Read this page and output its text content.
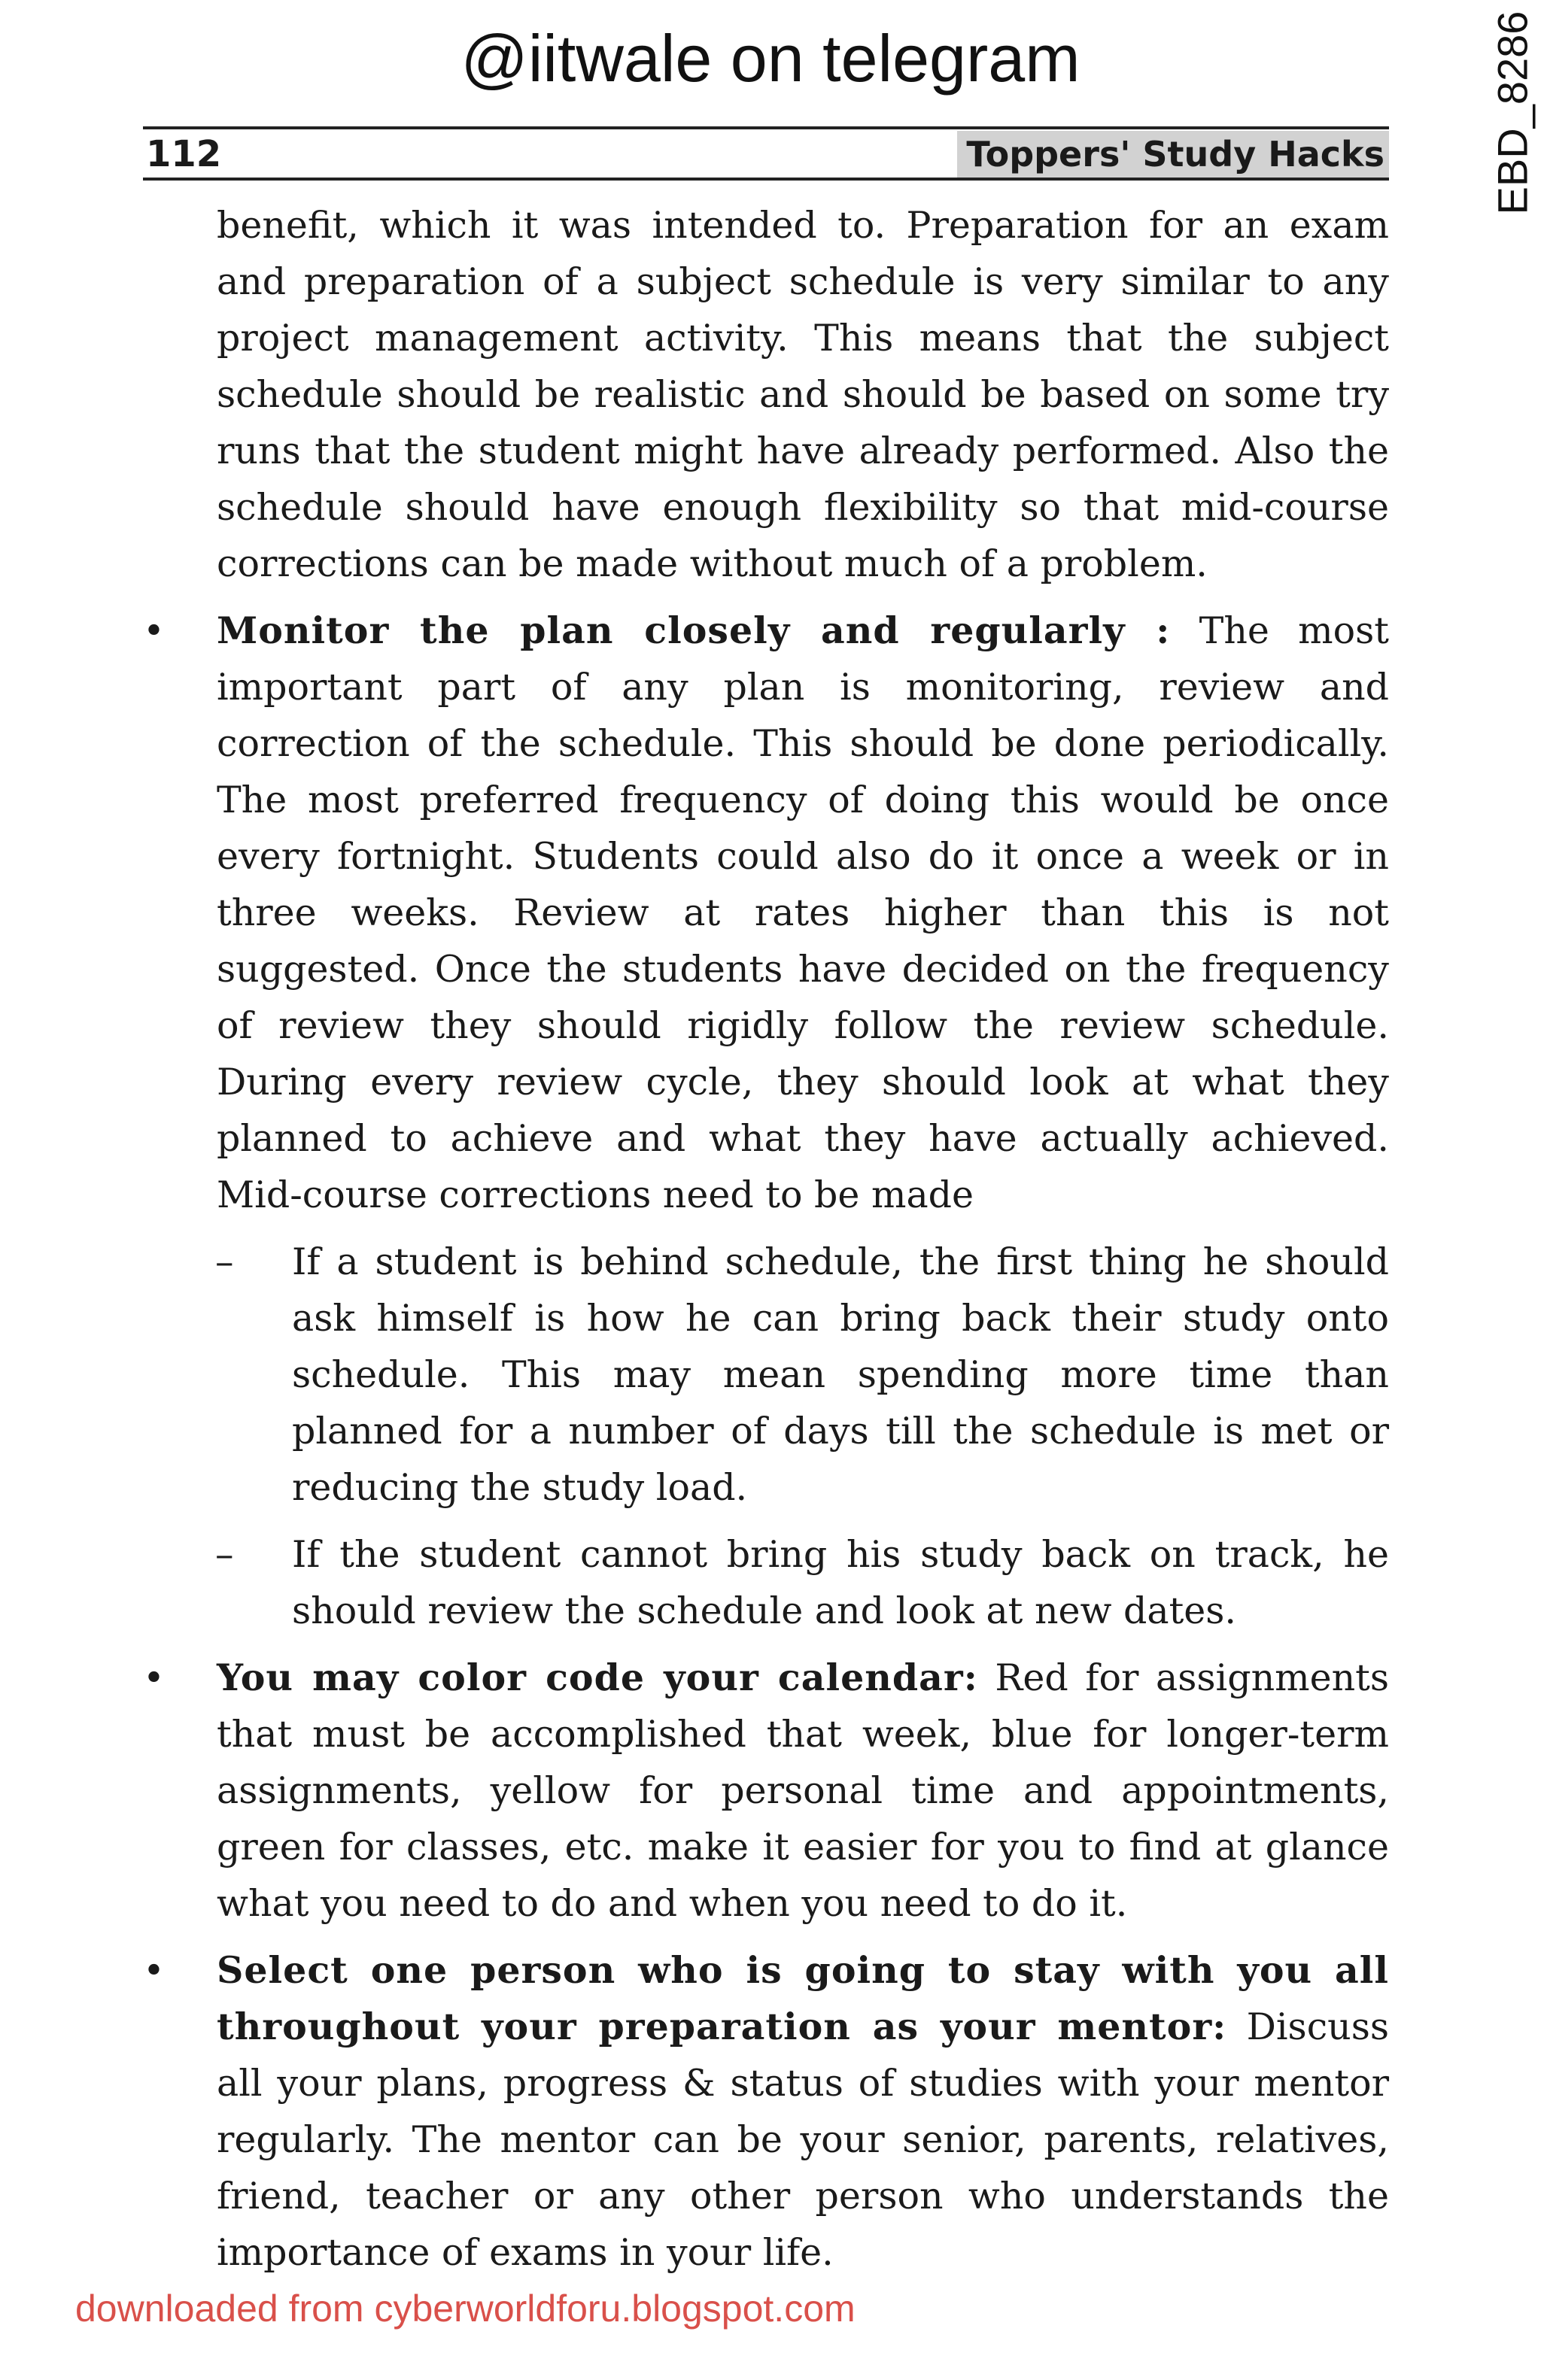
@iitwale on telegram	EBD_8286
112	Toppers' Study Hacks
benefit, which it was intended to. Preparation for an exam and preparation of a subject schedule is very similar to any project management activity. This means that the subject schedule should be realistic and should be based on some try runs that the student might have already performed. Also the schedule should have enough flexibility so that mid-course corrections can be made without much of a problem.
•	Monitor the plan closely and regularly : The most important part of any plan is monitoring, review and correction of the schedule. This should be done periodically. The most preferred frequency of doing this would be once every fortnight. Students could also do it once a week or in three weeks. Review at rates higher than this is not suggested. Once the students have decided on the frequency of review they should rigidly follow the review schedule. During every review cycle, they should look at what they planned to achieve and what they have actually achieved. Mid-course corrections need to be made
– If a student is behind schedule, the first thing he should ask himself is how he can bring back their study onto schedule. This may mean spending more time than planned for a number of days till the schedule is met or reducing the study load.
– If the student cannot bring his study back on track, he should review the schedule and look at new dates.
•	You may color code your calendar: Red for assignments that must be accomplished that week, blue for longer-term assignments, yellow for personal time and appointments, green for classes, etc. make it easier for you to find at glance what you need to do and when you need to do it.
•	Select one person who is going to stay with you all throughout your preparation as your mentor: Discuss all your plans, progress & status of studies with your mentor regularly. The mentor can be your senior, parents, relatives, friend, teacher or any other person who understands the importance of exams in your life.
downloaded from cyberworldforu.blogspot.com
